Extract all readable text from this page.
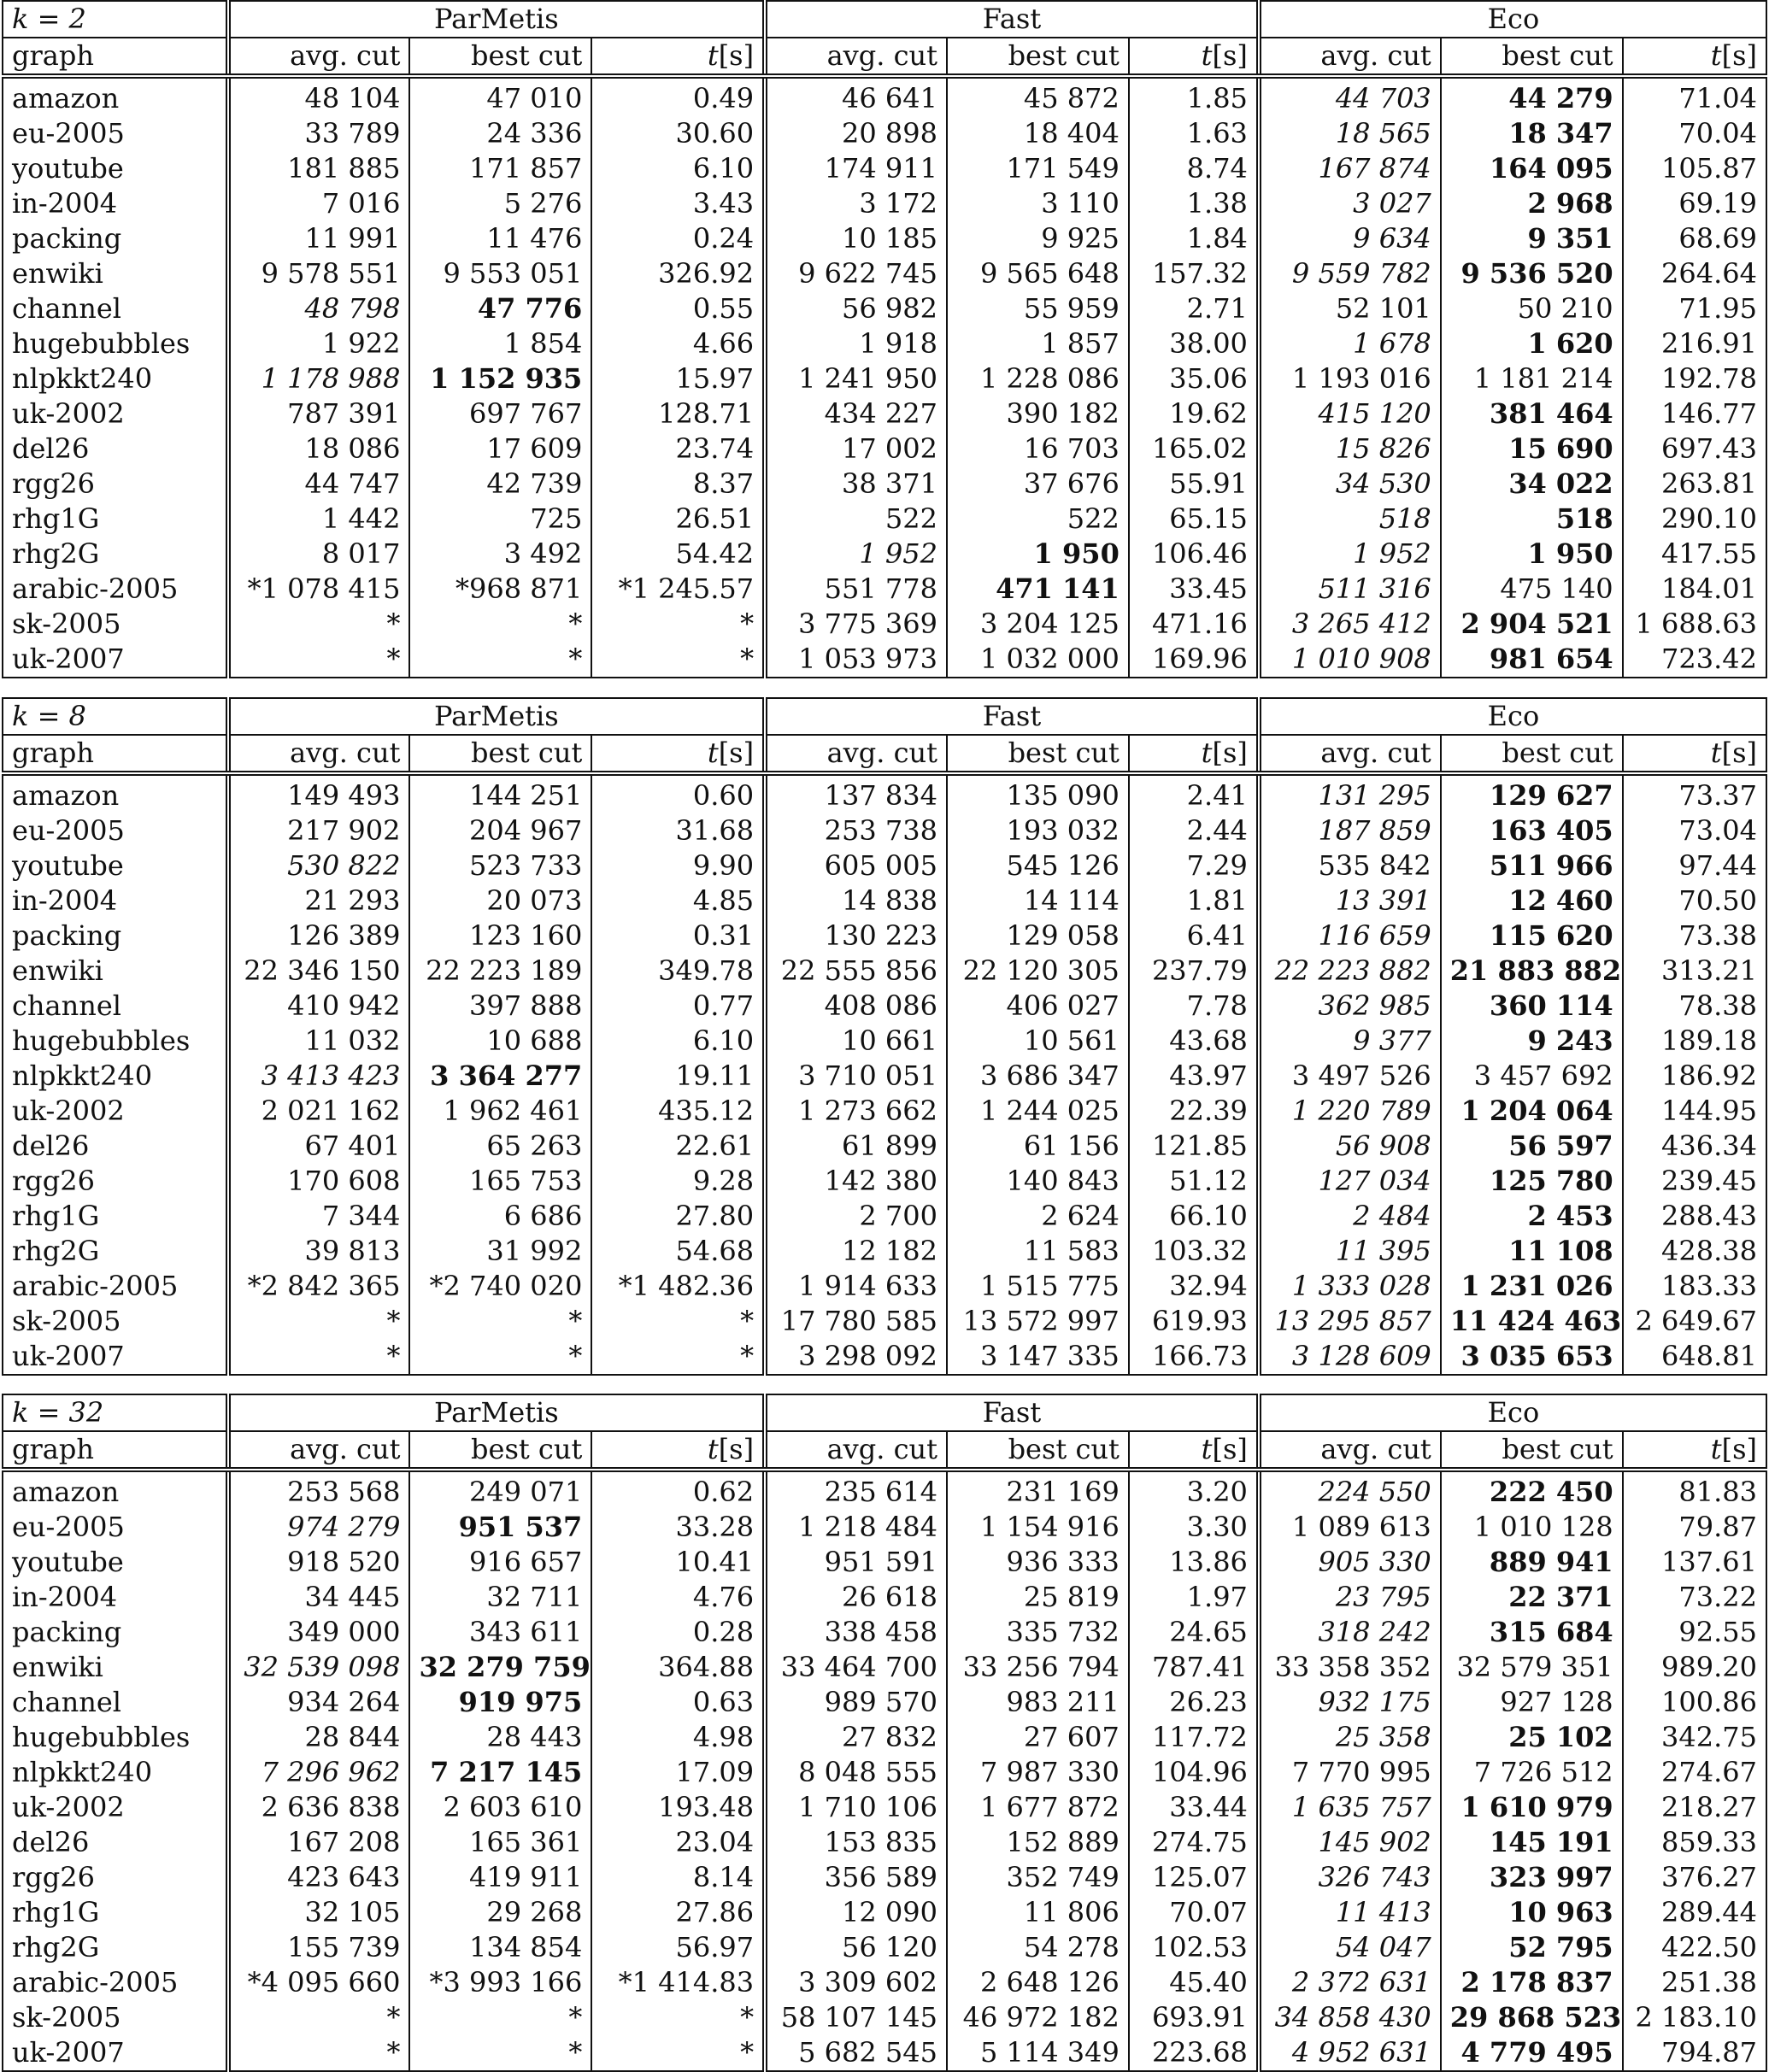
k = 2	ParMetis			Fast			Eco		
graph	avg. cut	best cut	t[s]	avg. cut	best cut	t[s]	avg. cut	best cut	t[s]
amazon	48 104	47 010	0.49	46 641	45 872	1.85	44 703	44 279	71.04
eu-2005	33 789	24 336	30.60	20 898	18 404	1.63	18 565	18 347	70.04
youtube	181 885	171 857	6.10	174 911	171 549	8.74	167 874	164 095	105.87
in-2004	7 016	5 276	3.43	3 172	3 110	1.38	3 027	2 968	69.19
packing	11 991	11 476	0.24	10 185	9 925	1.84	9 634	9 351	68.69
enwiki	9 578 551	9 553 051	326.92	9 622 745	9 565 648	157.32	9 559 782	9 536 520	264.64
channel	48 798	47 776	0.55	56 982	55 959	2.71	52 101	50 210	71.95
hugebubbles	1 922	1 854	4.66	1 918	1 857	38.00	1 678	1 620	216.91
nlpkkt240	1 178 988	1 152 935	15.97	1 241 950	1 228 086	35.06	1 193 016	1 181 214	192.78
uk-2002	787 391	697 767	128.71	434 227	390 182	19.62	415 120	381 464	146.77
del26	18 086	17 609	23.74	17 002	16 703	165.02	15 826	15 690	697.43
rgg26	44 747	42 739	8.37	38 371	37 676	55.91	34 530	34 022	263.81
rhg1G	1 442	725	26.51	522	522	65.15	518	518	290.10
rhg2G	8 017	3 492	54.42	1 952	1 950	106.46	1 952	1 950	417.55
arabic-2005	*1 078 415	*968 871	*1 245.57	551 778	471 141	33.45	511 316	475 140	184.01
sk-2005	*	*	*	3 775 369	3 204 125	471.16	3 265 412	2 904 521	1 688.63
uk-2007	*	*	*	1 053 973	1 032 000	169.96	1 010 908	981 654	723.42
k = 8	ParMetis			Fast			Eco		
graph	avg. cut	best cut	t[s]	avg. cut	best cut	t[s]	avg. cut	best cut	t[s]
amazon	149 493	144 251	0.60	137 834	135 090	2.41	131 295	129 627	73.37
eu-2005	217 902	204 967	31.68	253 738	193 032	2.44	187 859	163 405	73.04
youtube	530 822	523 733	9.90	605 005	545 126	7.29	535 842	511 966	97.44
in-2004	21 293	20 073	4.85	14 838	14 114	1.81	13 391	12 460	70.50
packing	126 389	123 160	0.31	130 223	129 058	6.41	116 659	115 620	73.38
enwiki	22 346 150	22 223 189	349.78	22 555 856	22 120 305	237.79	22 223 882	21 883 882	313.21
channel	410 942	397 888	0.77	408 086	406 027	7.78	362 985	360 114	78.38
hugebubbles	11 032	10 688	6.10	10 661	10 561	43.68	9 377	9 243	189.18
nlpkkt240	3 413 423	3 364 277	19.11	3 710 051	3 686 347	43.97	3 497 526	3 457 692	186.92
uk-2002	2 021 162	1 962 461	435.12	1 273 662	1 244 025	22.39	1 220 789	1 204 064	144.95
del26	67 401	65 263	22.61	61 899	61 156	121.85	56 908	56 597	436.34
rgg26	170 608	165 753	9.28	142 380	140 843	51.12	127 034	125 780	239.45
rhg1G	7 344	6 686	27.80	2 700	2 624	66.10	2 484	2 453	288.43
rhg2G	39 813	31 992	54.68	12 182	11 583	103.32	11 395	11 108	428.38
arabic-2005	*2 842 365	*2 740 020	*1 482.36	1 914 633	1 515 775	32.94	1 333 028	1 231 026	183.33
sk-2005	*	*	*	17 780 585	13 572 997	619.93	13 295 857	11 424 463	2 649.67
uk-2007	*	*	*	3 298 092	3 147 335	166.73	3 128 609	3 035 653	648.81
k = 32	ParMetis			Fast			Eco		
graph	avg. cut	best cut	t[s]	avg. cut	best cut	t[s]	avg. cut	best cut	t[s]
amazon	253 568	249 071	0.62	235 614	231 169	3.20	224 550	222 450	81.83
eu-2005	974 279	951 537	33.28	1 218 484	1 154 916	3.30	1 089 613	1 010 128	79.87
youtube	918 520	916 657	10.41	951 591	936 333	13.86	905 330	889 941	137.61
in-2004	34 445	32 711	4.76	26 618	25 819	1.97	23 795	22 371	73.22
packing	349 000	343 611	0.28	338 458	335 732	24.65	318 242	315 684	92.55
enwiki	32 539 098	32 279 759	364.88	33 464 700	33 256 794	787.41	33 358 352	32 579 351	989.20
channel	934 264	919 975	0.63	989 570	983 211	26.23	932 175	927 128	100.86
hugebubbles	28 844	28 443	4.98	27 832	27 607	117.72	25 358	25 102	342.75
nlpkkt240	7 296 962	7 217 145	17.09	8 048 555	7 987 330	104.96	7 770 995	7 726 512	274.67
uk-2002	2 636 838	2 603 610	193.48	1 710 106	1 677 872	33.44	1 635 757	1 610 979	218.27
del26	167 208	165 361	23.04	153 835	152 889	274.75	145 902	145 191	859.33
rgg26	423 643	419 911	8.14	356 589	352 749	125.07	326 743	323 997	376.27
rhg1G	32 105	29 268	27.86	12 090	11 806	70.07	11 413	10 963	289.44
rhg2G	155 739	134 854	56.97	56 120	54 278	102.53	54 047	52 795	422.50
arabic-2005	*4 095 660	*3 993 166	*1 414.83	3 309 602	2 648 126	45.40	2 372 631	2 178 837	251.38
sk-2005	*	*	*	58 107 145	46 972 182	693.91	34 858 430	29 868 523	2 183.10
uk-2007	*	*	*	5 682 545	5 114 349	223.68	4 952 631	4 779 495	794.87
